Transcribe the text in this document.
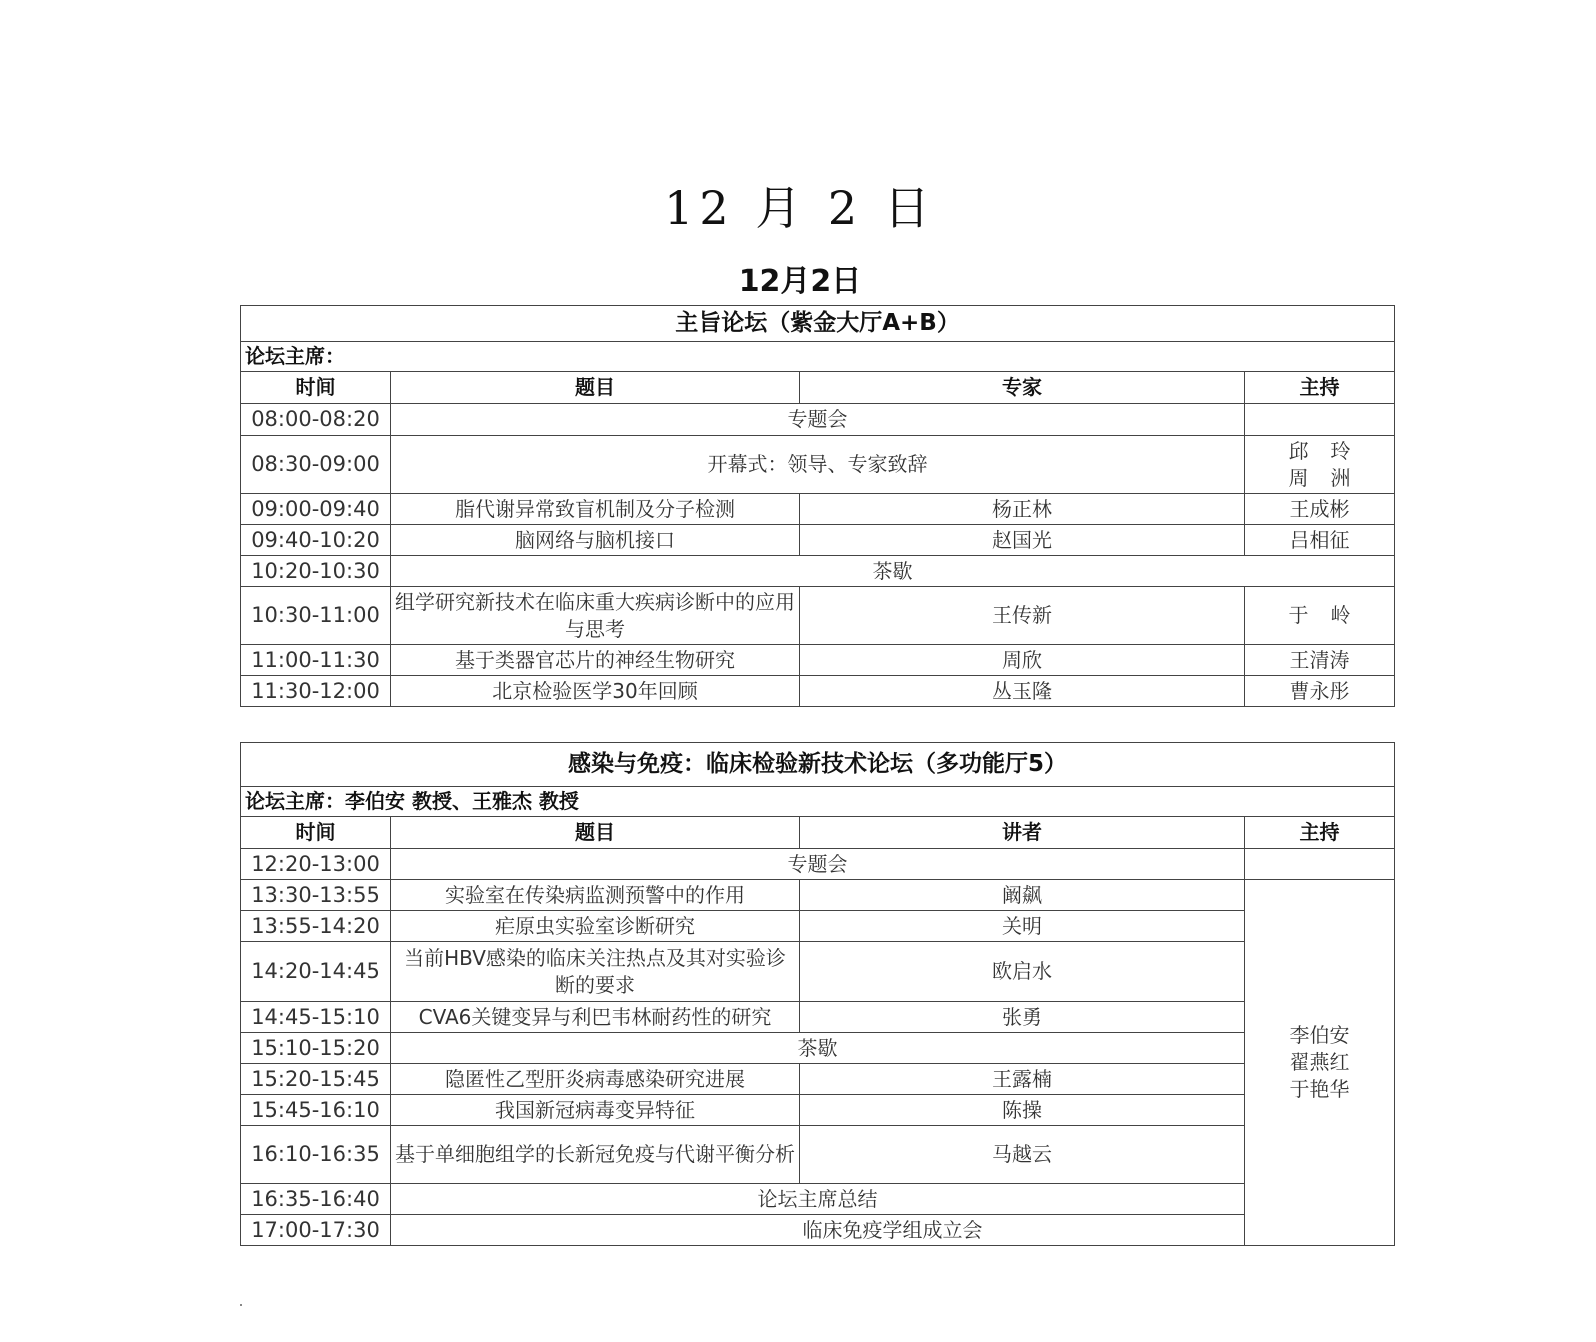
12 月 2 日
12月2日
主旨论坛（紫金大厅A+B）			
论坛主席：			
时间	题目	专家	主持
08:00-08:20	专题会		
08:30-09:00	开幕式：领导、专家致辞		邱玲
周洲

09:00-09:40	脂代谢异常致盲机制及分子检测	杨正林	王成彬
09:40-10:20	脑网络与脑机接口	赵国光	吕相征
10:20-10:30	茶歇		
10:30-11:00	组学研究新技术在临床重大疾病诊断中的应用与思考	王传新	于岭

11:00-11:30	基于类器官芯片的神经生物研究	周欣	王清涛
11:30-12:00	北京检验医学30年回顾	丛玉隆	曹永彤
感染与免疫：临床检验新技术论坛（多功能厅5）			
论坛主席：李伯安 教授、王雅杰 教授			
时间	题目	讲者	主持
12:20-13:00	专题会		
13:30-13:55	实验室在传染病监测预警中的作用	阚飙	李伯安
翟燕红
于艳华

13:55-14:20	疟原虫实验室诊断研究	关明	
14:20-14:45	当前HBV感染的临床关注热点及其对实验诊断的要求	欧启水	
14:45-15:10	CVA6关键变异与利巴韦林耐药性的研究	张勇	
15:10-15:20	茶歇		
15:20-15:45	隐匿性乙型肝炎病毒感染研究进展	王露楠	
15:45-16:10	我国新冠病毒变异特征	陈操	
16:10-16:35	基于单细胞组学的长新冠免疫与代谢平衡分析	马越云	
16:35-16:40	论坛主席总结		
17:00-17:30	临床免疫学组成立会		
